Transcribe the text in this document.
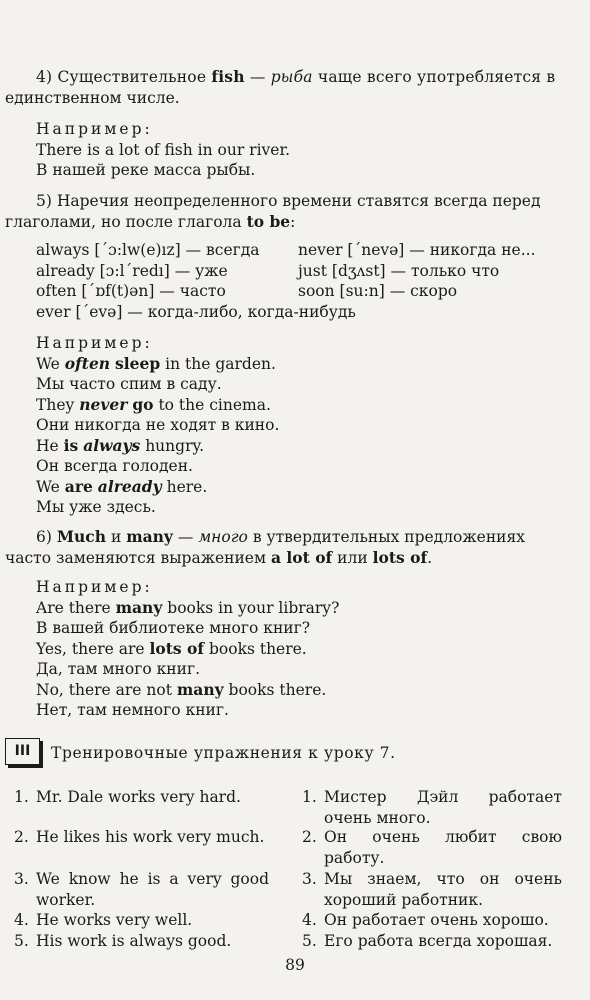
4) Существительное fish — рыба чаще всего употребляется в
единственном числе.
Например:
There is a lot of fish in our river.
В нашей реке масса рыбы.
5) Наречия неопределенного времени ставятся всегда перед
глаголами, но после глагола to be:
always [΄ɔ:lw(e)ız] — всегда never [΄nevə] — никогда не...
already [ɔ:l΄redı] — уже	just [dʒʌst] — только что
often [΄ɒf(t)ən] — часто	soon [su:n] — скоро
ever [΄evə] — когда-либо, когда-нибудь
Например:
We often sleep in the garden.
Мы часто спим в саду.
They never go to the cinema.
Они никогда не ходят в кино.
He is always hungry.
Он всегда голоден.
We are already here.
Мы уже здесь.
6) Much и many — много в утвердительных предложениях
часто заменяются выражением a lot of или lots of.
Например:
Are there many books in your library?
В вашей библиотеке много книг?
Yes, there are lots of books there.
Да, там много книг.
No, there are not many books there.
Нет, там немного книг.
III	Тренировочные упражнения к уроку 7.
1. Mr. Dale works very hard.	1. Мистер Дэйл работает очень много.
2. He likes his work very much. 2. Он очень любит свою работу.
3. We know he is a very good worker.
3. Мы знаем, что он очень хороший работник.
4. He works very well.	4. Он работает очень хорошо.
5. His work is always good.	5. Его работа всегда хорошая.
89
